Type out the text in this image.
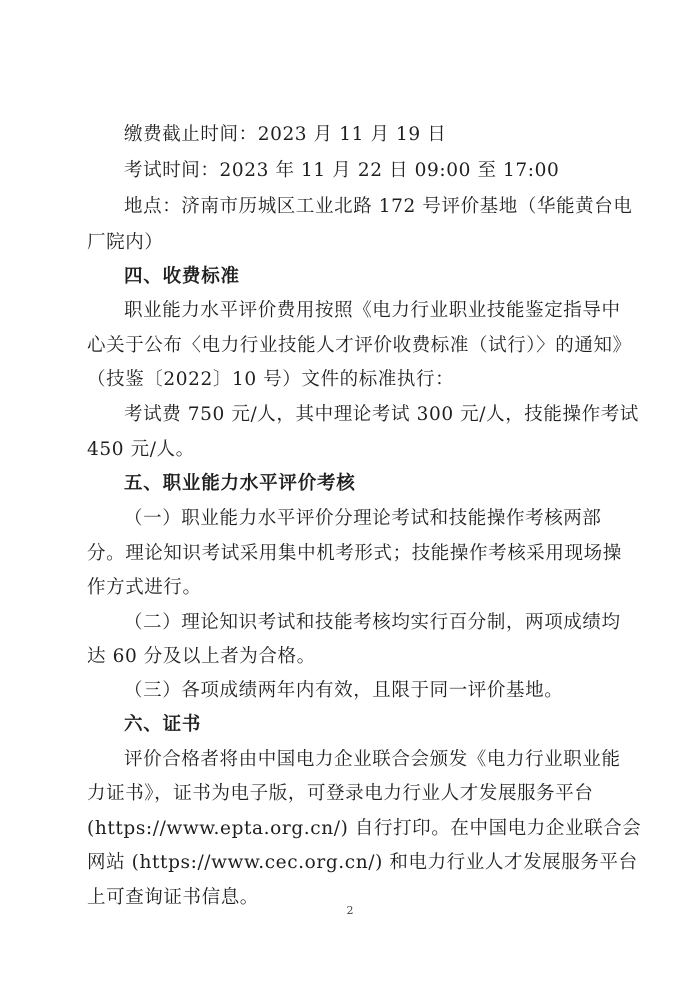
缴费截止时间：2023 月 11 月 19 日
考试时间：2023 年 11 月 22 日 09:00 至 17:00
地点：济南市历城区工业北路 172 号评价基地（华能黄台电
厂院内）
四、收费标准
职业能力水平评价费用按照《电力行业职业技能鉴定指导中
心关于公布〈电力行业技能人才评价收费标准（试行）〉的通知》
（技鉴〔2022〕10 号）文件的标准执行：
考试费 750 元/人，其中理论考试 300 元/人，技能操作考试
450 元/人。
五、职业能力水平评价考核
（一）职业能力水平评价分理论考试和技能操作考核两部
分。理论知识考试采用集中机考形式；技能操作考核采用现场操
作方式进行。
（二）理论知识考试和技能考核均实行百分制，两项成绩均
达 60 分及以上者为合格。
（三）各项成绩两年内有效，且限于同一评价基地。
六、证书
评价合格者将由中国电力企业联合会颁发《电力行业职业能
力证书》，证书为电子版，可登录电力行业人才发展服务平台
(https://www.epta.org.cn/) 自行打印。在中国电力企业联合会
网站 (https://www.cec.org.cn/) 和电力行业人才发展服务平台
上可查询证书信息。
2
